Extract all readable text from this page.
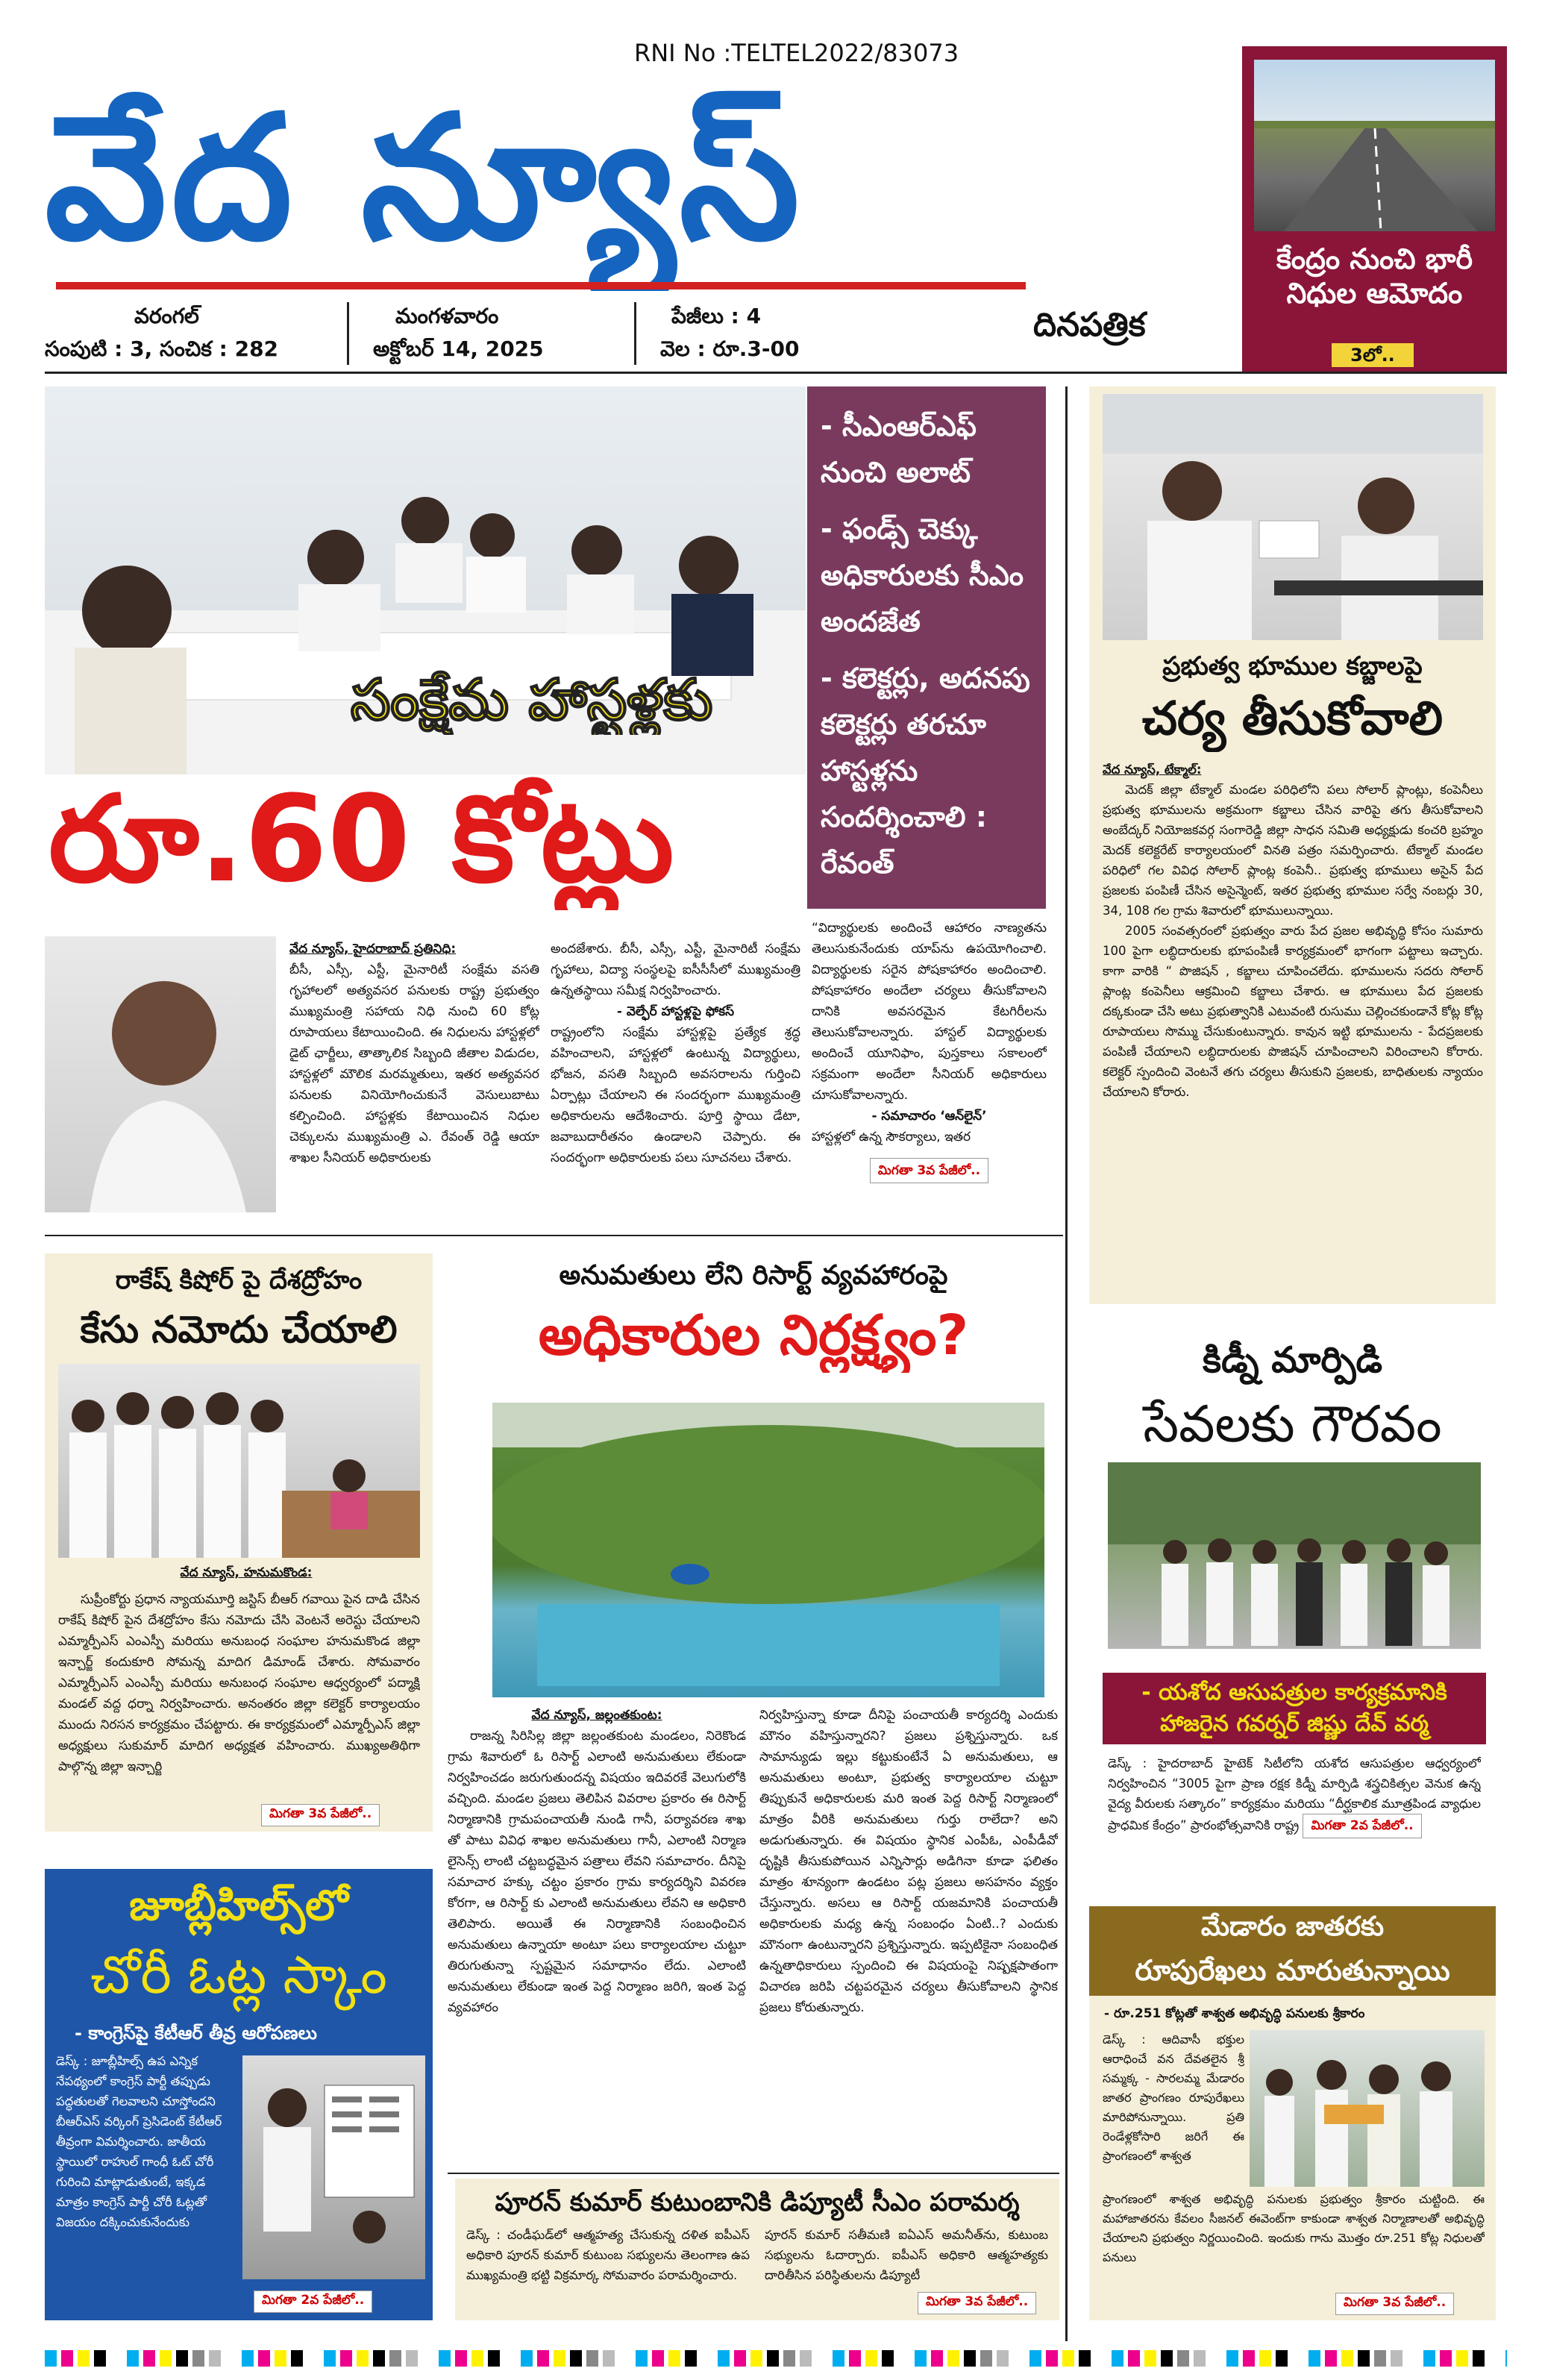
RNI No :TELTEL2022/83073
వేద న్యూస్
దినపత్రిక
వరంగల్
సంపుటి : 3, సంచిక : 282
మంగళవారం
అక్టోబర్ 14, 2025
పేజీలు : 4
వెల : రూ.3-00
కేంద్రం నుంచి భారీ నిధుల ఆమోదం
3లో..
సంక్షేమ హాస్టళ్లకు
రూ.60 కోట్లు
- సీఎంఆర్ఎఫ్ నుంచి అలాట్
- ఫండ్స్ చెక్కు అధికారులకు సీఎం అందజేత
- కలెక్టర్లు, అదనపు కలెక్టర్లు తరచూ హాస్టళ్లను సందర్శించాలి : రేవంత్
వేద న్యూస్, హైదరాబాద్ ప్రతినిధి:
బీసీ, ఎస్సీ, ఎస్టీ, మైనారిటీ సంక్షేమ వసతి గృహాలలో అత్యవసర పనులకు రాష్ట్ర ప్రభుత్వం ముఖ్యమంత్రి సహాయ నిధి నుంచి 60 కోట్ల రూపాయలు కేటాయించింది. ఈ నిధులను హాస్టళ్లలో డైట్ ఛార్జీలు, తాత్కాలిక సిబ్బంది జీతాల విడుదల, హాస్టళ్లలో మౌలిక మరమ్మతులు, ఇతర అత్యవసర పనులకు వినియోగించుకునే వెసులుబాటు కల్పించింది. హాస్టళ్లకు కేటాయించిన నిధుల చెక్కులను ముఖ్యమంత్రి ఎ. రేవంత్ రెడ్డి ఆయా శాఖల సీనియర్ అధికారులకు
అందజేశారు. బీసీ, ఎస్సీ, ఎస్టీ, మైనారిటీ సంక్షేమ గృహాలు, విద్యా సంస్థలపై ఐసీసీసీలో ముఖ్యమంత్రి ఉన్నతస్థాయి సమీక్ష నిర్వహించారు.
- వెల్ఫేర్ హాస్టళ్లపై ఫోకస్
రాష్ట్రంలోని సంక్షేమ హాస్టళ్లపై ప్రత్యేక శ్రద్ధ వహించాలని, హాస్టళ్లలో ఉంటున్న విద్యార్థులు, భోజన, వసతి సిబ్బంది అవసరాలను గుర్తించి ఏర్పాట్లు చేయాలని ఈ సందర్భంగా ముఖ్యమంత్రి అధికారులను ఆదేశించారు. పూర్తి స్థాయి డేటా, జవాబుదారీతనం ఉండాలని చెప్పారు. ఈ సందర్భంగా అధికారులకు పలు సూచనలు చేశారు.
“విద్యార్థులకు అందించే ఆహారం నాణ్యతను తెలుసుకునేందుకు యాప్‌ను ఉపయోగించాలి. విద్యార్థులకు సరైన పోషకాహారం అందించాలి. పోషకాహారం అందేలా చర్యలు తీసుకోవాలని దానికి అవసరమైన కేటగిరీలను తెలుసుకోవాలన్నారు. హాస్టల్ విద్యార్థులకు అందించే యూనిఫాం, పుస్తకాలు సకాలంలో సక్రమంగా అందేలా సీనియర్ అధికారులు చూసుకోవాలన్నారు.
- సమాచారం ‘ఆన్‌లైన్’
హాస్టళ్లలో ఉన్న సౌకర్యాలు, ఇతర
మిగతా 3వ పేజీలో..
ప్రభుత్వ భూముల కబ్జాలపై
చర్య తీసుకోవాలి
వేద న్యూస్, టేక్మాల్:
మెదక్ జిల్లా టేక్మాల్ మండల పరిధిలోని పలు సోలార్ ప్లాంట్లు, కంపెనీలు ప్రభుత్వ భూములను అక్రమంగా కబ్జాలు చేసిన వారిపై తగు తీసుకోవాలని అంబేద్కర్ నియోజకవర్గ సంగారెడ్డి జిల్లా సాధన సమితి అధ్యక్షుడు కంచరి బ్రహ్మం మెదక్ కలెక్టరేట్ కార్యాలయంలో వినతి పత్రం సమర్పించారు. టేక్మాల్ మండల పరిధిలో గల వివిధ సోలార్ ప్లాంట్ల కంపెనీ.. ప్రభుత్వ భూములు అసైన్ పేద ప్రజలకు పంపిణీ చేసిన అసైన్మెంట్, ఇతర ప్రభుత్వ భూముల సర్వే నంబర్లు 30, 34, 108 గల గ్రామ శివారులో భూములున్నాయి.
2005 సంవత్సరంలో ప్రభుత్వం వారు పేద ప్రజల అభివృద్ధి కోసం సుమారు 100 పైగా లబ్ధిదారులకు భూపంపిణీ కార్యక్రమంలో భాగంగా పట్టాలు ఇచ్చారు. కాగా వారికి “ పొజిషన్ , కబ్జాలు చూపించలేదు. భూములను సదరు సోలార్ ప్లాంట్ల కంపెనీలు ఆక్రమించి కబ్జాలు చేశారు. ఆ భూములు పేద ప్రజలకు దక్కకుండా చేసి అటు ప్రభుత్వానికి ఎటువంటి రుసుము చెల్లించకుండానే కోట్ల కోట్ల రూపాయలు సొమ్ము చేసుకుంటున్నారు. కావున ఇట్టి భూములను - పేదప్రజలకు పంపిణీ చేయాలని లబ్ధిదారులకు పొజిషన్ చూపించాలని విరించాలని కోరారు. కలెక్టర్ స్పందించి వెంటనే తగు చర్యలు తీసుకుని ప్రజలకు, బాధితులకు న్యాయం చేయాలని కోరారు.
రాకేష్ కిషోర్ పై దేశద్రోహం
కేసు నమోదు చేయాలి
వేద న్యూస్, హనుమకొండ:
సుప్రీంకోర్టు ప్రధాన న్యాయమూర్తి జస్టిస్ బీఆర్ గవాయి పైన దాడి చేసిన రాకేష్ కిషోర్ పైన దేశద్రోహం కేసు నమోదు చేసి వెంటనే అరెస్టు చేయాలని ఎమ్మార్పీఎస్ ఎంఎస్పీ మరియు అనుబంధ సంఘాల హనుమకొండ జిల్లా ఇన్చార్జ్ కందుకూరి సోమన్న మాదిగ డిమాండ్ చేశారు. సోమవారం ఎమ్మార్పీఎస్ ఎంఎస్పీ మరియు అనుబంధ సంఘాల ఆధ్వర్యంలో పద్మాక్షి మండల్ వద్ద ధర్నా నిర్వహించారు. అనంతరం జిల్లా కలెక్టర్ కార్యాలయం ముందు నిరసన కార్యక్రమం చేపట్టారు. ఈ కార్యక్రమంలో ఎమ్మార్పీఎస్ జిల్లా అధ్యక్షులు సుకుమార్ మాదిగ అధ్యక్షత వహించారు. ముఖ్యఅతిథిగా పాల్గొన్న జిల్లా ఇన్చార్జి
మిగతా 3వ పేజీలో..
అనుమతులు లేని రిసార్ట్ వ్యవహారంపై
అధికారుల నిర్లక్ష్యం?
వేద న్యూస్, జల్లంతకుంట:
రాజన్న సిరిసిల్ల జిల్లా జల్లంతకుంట మండలం, నిరెకొండ గ్రామ శివారులో ఓ రిసార్ట్ ఎలాంటి అనుమతులు లేకుండా నిర్వహించడం జరుగుతుందన్న విషయం ఇదివరకే వెలుగులోకి వచ్చింది. మండల ప్రజలు తెలిపిన వివరాల ప్రకారం ఈ రిసార్ట్ నిర్మాణానికి గ్రామపంచాయతీ నుండి గానీ, పర్యావరణ శాఖ తో పాటు వివిధ శాఖల అనుమతులు గానీ, ఎలాంటి నిర్మాణ లైసెన్స్ లాంటి చట్టబద్ధమైన పత్రాలు లేవని సమాచారం. దీనిపై సమాచార హక్కు చట్టం ప్రకారం గ్రామ కార్యదర్శిని వివరణ కోరగా, ఆ రిసార్ట్ కు ఎలాంటి అనుమతులు లేవని ఆ అధికారి తెలిపారు. అయితే ఈ నిర్మాణానికి సంబంధించిన అనుమతులు ఉన్నాయా అంటూ పలు కార్యాలయాల చుట్టూ తిరుగుతున్నా స్పష్టమైన సమాధానం లేదు. ఎలాంటి అనుమతులు లేకుండా ఇంత పెద్ద నిర్మాణం జరిగి, ఇంత పెద్ద వ్యవహారం
నిర్వహిస్తున్నా కూడా దీనిపై పంచాయతీ కార్యదర్శి ఎందుకు మౌనం వహిస్తున్నారని? ప్రజలు ప్రశ్నిస్తున్నారు. ఒక సామాన్యుడు ఇల్లు కట్టుకుంటేనే ఏ అనుమతులు, ఆ అనుమతులు అంటూ, ప్రభుత్వ కార్యాలయాల చుట్టూ తిప్పుకునే అధికారులకు మరి ఇంత పెద్ద రిసార్ట్ నిర్మాణంలో మాత్రం వీరికి అనుమతులు గుర్తు రాలేదా? అని అడుగుతున్నారు. ఈ విషయం స్థానిక ఎంపీఓ, ఎంపీడీవో దృష్టికి తీసుకుపోయిన ఎన్నిసార్లు అడిగినా కూడా ఫలితం మాత్రం శూన్యంగా ఉండటం పట్ల ప్రజలు అసహనం వ్యక్తం చేస్తున్నారు. అసలు ఆ రిసార్ట్ యజమానికి పంచాయతీ అధికారులకు మధ్య ఉన్న సంబంధం ఏంటి..? ఎందుకు మౌనంగా ఉంటున్నారని ప్రశ్నిస్తున్నారు. ఇప్పటికైనా సంబంధిత ఉన్నతాధికారులు స్పందించి ఈ విషయంపై నిష్పక్షపాతంగా విచారణ జరిపి చట్టపరమైన చర్యలు తీసుకోవాలని స్థానిక ప్రజలు కోరుతున్నారు.
కిడ్నీ మార్పిడి
సేవలకు గౌరవం
- యశోద ఆసుపత్రుల కార్యక్రమానికి హాజరైన గవర్నర్ జిష్ణు దేవ్ వర్మ
డెస్క్ : హైదరాబాద్ హైటెక్ సిటీలోని యశోద ఆసుపత్రుల ఆధ్వర్యంలో నిర్వహించిన “3005 పైగా ప్రాణ రక్షక కిడ్నీ మార్పిడి శస్త్రచికిత్సల వెనుక ఉన్న వైద్య వీరులకు సత్కారం” కార్యక్రమం మరియు “దీర్ఘకాలిక మూత్రపిండ వ్యాధుల ప్రాధమిక కేంద్రం” ప్రారంభోత్సవానికి రాష్ట్ర మిగతా 2వ పేజీలో..
జూబ్లీహిల్స్‌లో
చోరీ ఓట్ల స్కాం
- కాంగ్రెస్‌పై కేటీఆర్ తీవ్ర ఆరోపణలు
డెస్క్ : జూబ్లీహిల్స్ ఉప ఎన్నిక నేపథ్యంలో కాంగ్రెస్ పార్టీ తప్పుడు పద్ధతులతో గెలవాలని చూస్తోందని బీఆర్ఎస్ వర్కింగ్ ప్రెసిడెంట్ కేటీఆర్ తీవ్రంగా విమర్శించారు. జాతీయ స్థాయిలో రాహుల్ గాంధీ ఓట్ చోరీ గురించి మాట్లాడుతుంటే, ఇక్కడ మాత్రం కాంగ్రెస్ పార్టీ చోరీ ఓట్లతో విజయం దక్కించుకునేందుకు
మిగతా 2వ పేజీలో..
పూరన్ కుమార్ కుటుంబానికి డిప్యూటీ సీఎం పరామర్శ
డెస్క్ : చండీఘడ్‌లో ఆత్మహత్య చేసుకున్న దళిత ఐపీఎస్ అధికారి పూరన్ కుమార్ కుటుంబ సభ్యులను తెలంగాణ ఉప ముఖ్యమంత్రి భట్టి విక్రమార్క సోమవారం పరామర్శించారు.
పూరన్ కుమార్ సతీమణి ఐఏఎస్ అమనీత్‌ను, కుటుంబ సభ్యులను ఓదార్చారు. ఐపీఎస్ అధికారి ఆత్మహత్యకు దారితీసిన పరిస్థితులను డిప్యూటీ
మిగతా 3వ పేజీలో..
మేడారం జాతరకు
రూపురేఖలు మారుతున్నాయి
- రూ.251 కోట్లతో శాశ్వత అభివృద్ధి పనులకు శ్రీకారం
డెస్క్ : ఆదివాసీ భక్తుల ఆరాధించే వన దేవతలైన శ్రీ సమ్మక్క - సారలమ్మ మేడారం జాతర ప్రాంగణం రూపురేఖలు మారిపోనున్నాయి. ప్రతి రెండేళ్లకోసారి జరిగే ఈ ప్రాంగణంలో శాశ్వత
ప్రాంగణంలో శాశ్వత అభివృద్ధి పనులకు ప్రభుత్వం శ్రీకారం చుట్టింది. ఈ మహాజాతరను కేవలం సీజనల్ ఈవెంట్‌గా కాకుండా శాశ్వత నిర్మాణాలతో అభివృద్ధి చేయాలని ప్రభుత్వం నిర్ణయించింది. ఇందుకు గాను మొత్తం రూ.251 కోట్ల నిధులతో పనులు
మిగతా 3వ పేజీలో..
